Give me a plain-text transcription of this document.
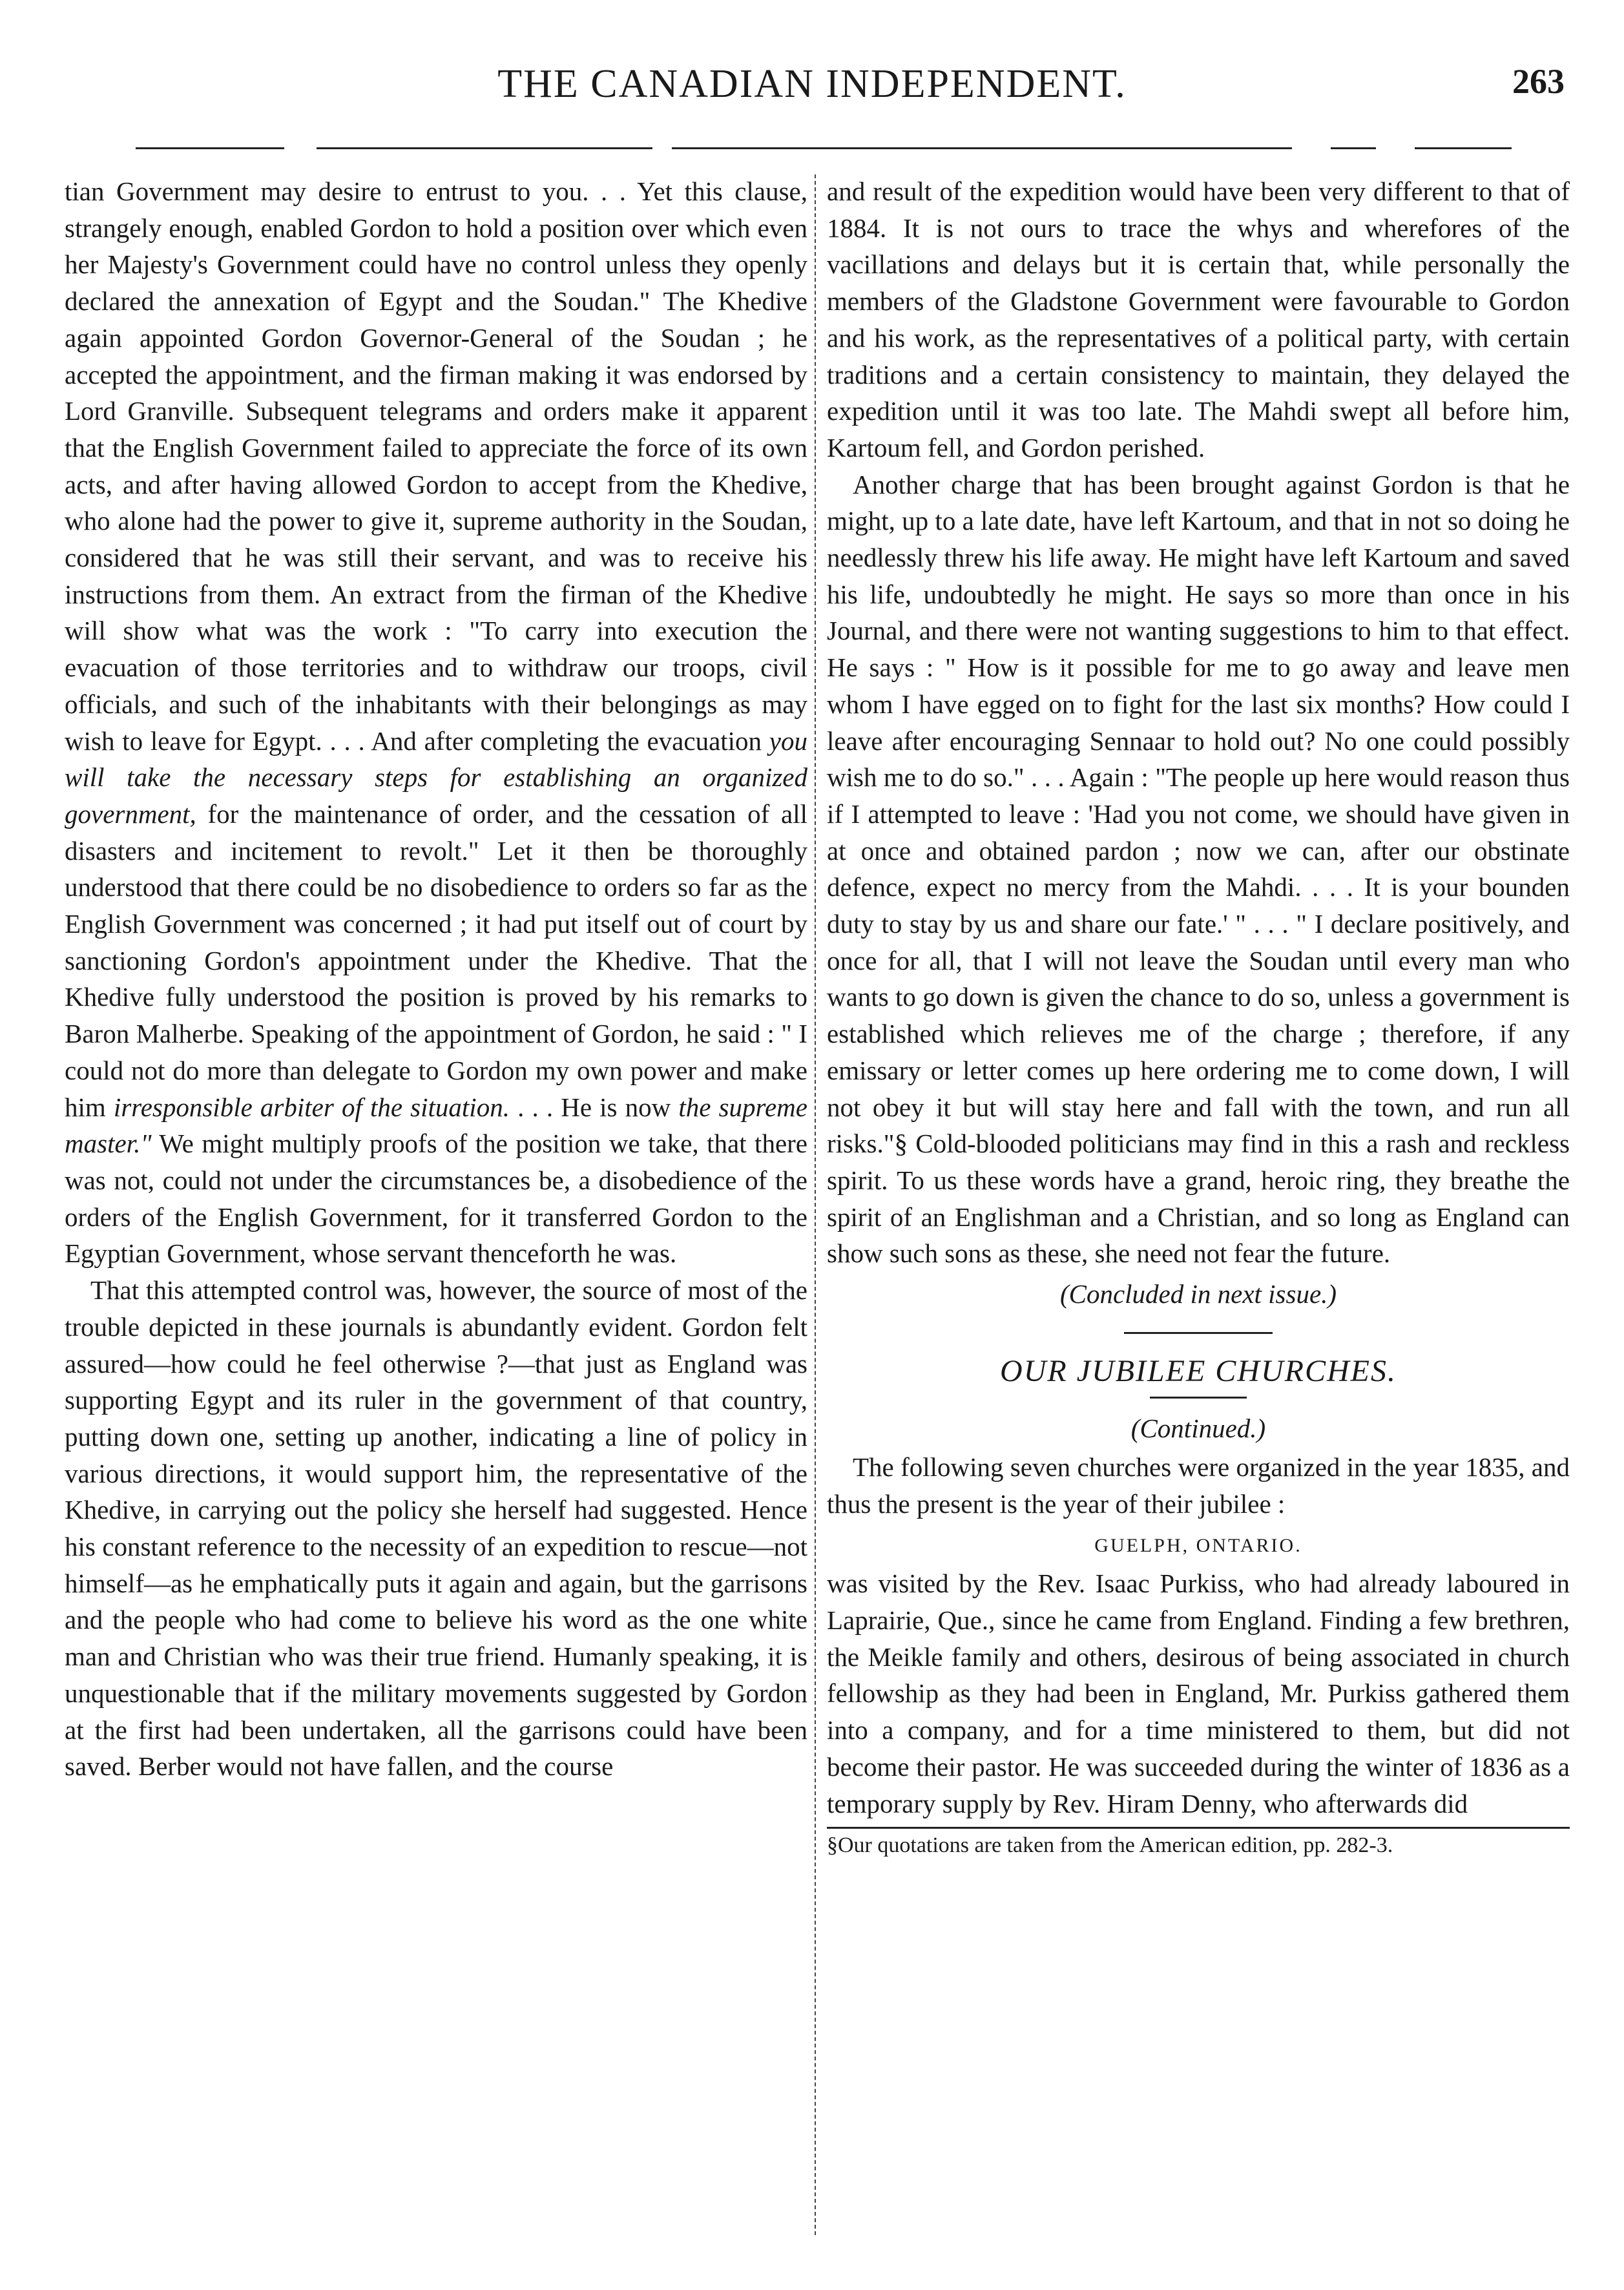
THE CANADIAN INDEPENDENT.	263

tian Government may desire to entrust to you. . . Yet this clause, strangely enough, enabled Gordon to hold a position over which even her Majesty's Government could have no control unless they openly declared the annexation of Egypt and the Soudan." The Khedive again appointed Gordon Governor-General of the Soudan ; he accepted the appointment, and the firman making it was endorsed by Lord Granville. Subsequent telegrams and orders make it apparent that the English Government failed to appreciate the force of its own acts, and after having allowed Gordon to accept from the Khedive, who alone had the power to give it, supreme authority in the Soudan, considered that he was still their servant, and was to receive his instructions from them. An extract from the firman of the Khedive will show what was the work : "To carry into execution the evacuation of those territories and to withdraw our troops, civil officials, and such of the inhabitants with their belongings as may wish to leave for Egypt. . . . And after completing the evacuation you will take the necessary steps for establishing an organized government, for the maintenance of order, and the cessation of all disasters and incitement to revolt." Let it then be thoroughly understood that there could be no disobedience to orders so far as the English Government was concerned ; it had put itself out of court by sanctioning Gordon's appointment under the Khedive. That the Khedive fully understood the position is proved by his remarks to Baron Malherbe. Speaking of the appointment of Gordon, he said : " I could not do more than delegate to Gordon my own power and make him irresponsible arbiter of the situation. . . . He is now the supreme master." We might multiply proofs of the position we take, that there was not, could not under the circumstances be, a disobedience of the orders of the English Government, for it transferred Gordon to the Egyptian Government, whose servant thenceforth he was.

That this attempted control was, however, the source of most of the trouble depicted in these journals is abundantly evident. Gordon felt assured—how could he feel otherwise ?—that just as England was supporting Egypt and its ruler in the government of that country, putting down one, setting up another, indicating a line of policy in various directions, it would support him, the representative of the Khedive, in carrying out the policy she herself had suggested. Hence his constant reference to the necessity of an expedition to rescue—not himself—as he emphatically puts it again and again, but the garrisons and the people who had come to believe his word as the one white man and Christian who was their true friend. Humanly speaking, it is unquestionable that if the military movements suggested by Gordon at the first had been undertaken, all the garrisons could have been saved. Berber would not have fallen, and the course

and result of the expedition would have been very different to that of 1884. It is not ours to trace the whys and wherefores of the vacillations and delays but it is certain that, while personally the members of the Gladstone Government were favourable to Gordon and his work, as the representatives of a political party, with certain traditions and a certain consistency to maintain, they delayed the expedition until it was too late. The Mahdi swept all before him, Kartoum fell, and Gordon perished.

Another charge that has been brought against Gordon is that he might, up to a late date, have left Kartoum, and that in not so doing he needlessly threw his life away. He might have left Kartoum and saved his life, undoubtedly he might. He says so more than once in his Journal, and there were not wanting suggestions to him to that effect. He says : " How is it possible for me to go away and leave men whom I have egged on to fight for the last six months? How could I leave after encouraging Sennaar to hold out? No one could possibly wish me to do so." . . . Again : "The people up here would reason thus if I attempted to leave : 'Had you not come, we should have given in at once and obtained pardon ; now we can, after our obstinate defence, expect no mercy from the Mahdi. . . . It is your bounden duty to stay by us and share our fate.' " . . . " I declare positively, and once for all, that I will not leave the Soudan until every man who wants to go down is given the chance to do so, unless a government is established which relieves me of the charge ; therefore, if any emissary or letter comes up here ordering me to come down, I will not obey it but will stay here and fall with the town, and run all risks."§ Cold-blooded politicians may find in this a rash and reckless spirit. To us these words have a grand, heroic ring, they breathe the spirit of an Englishman and a Christian, and so long as England can show such sons as these, she need not fear the future.

(Concluded in next issue.)
OUR JUBILEE CHURCHES.
(Continued.)

The following seven churches were organized in the year 1835, and thus the present is the year of their jubilee :

GUELPH, ONTARIO.

was visited by the Rev. Isaac Purkiss, who had already laboured in Laprairie, Que., since he came from England. Finding a few brethren, the Meikle family and others, desirous of being associated in church fellowship as they had been in England, Mr. Purkiss gathered them into a company, and for a time ministered to them, but did not become their pastor. He was succeeded during the winter of 1836 as a temporary supply by Rev. Hiram Denny, who afterwards did

§Our quotations are taken from the American edition, pp. 282-3.
